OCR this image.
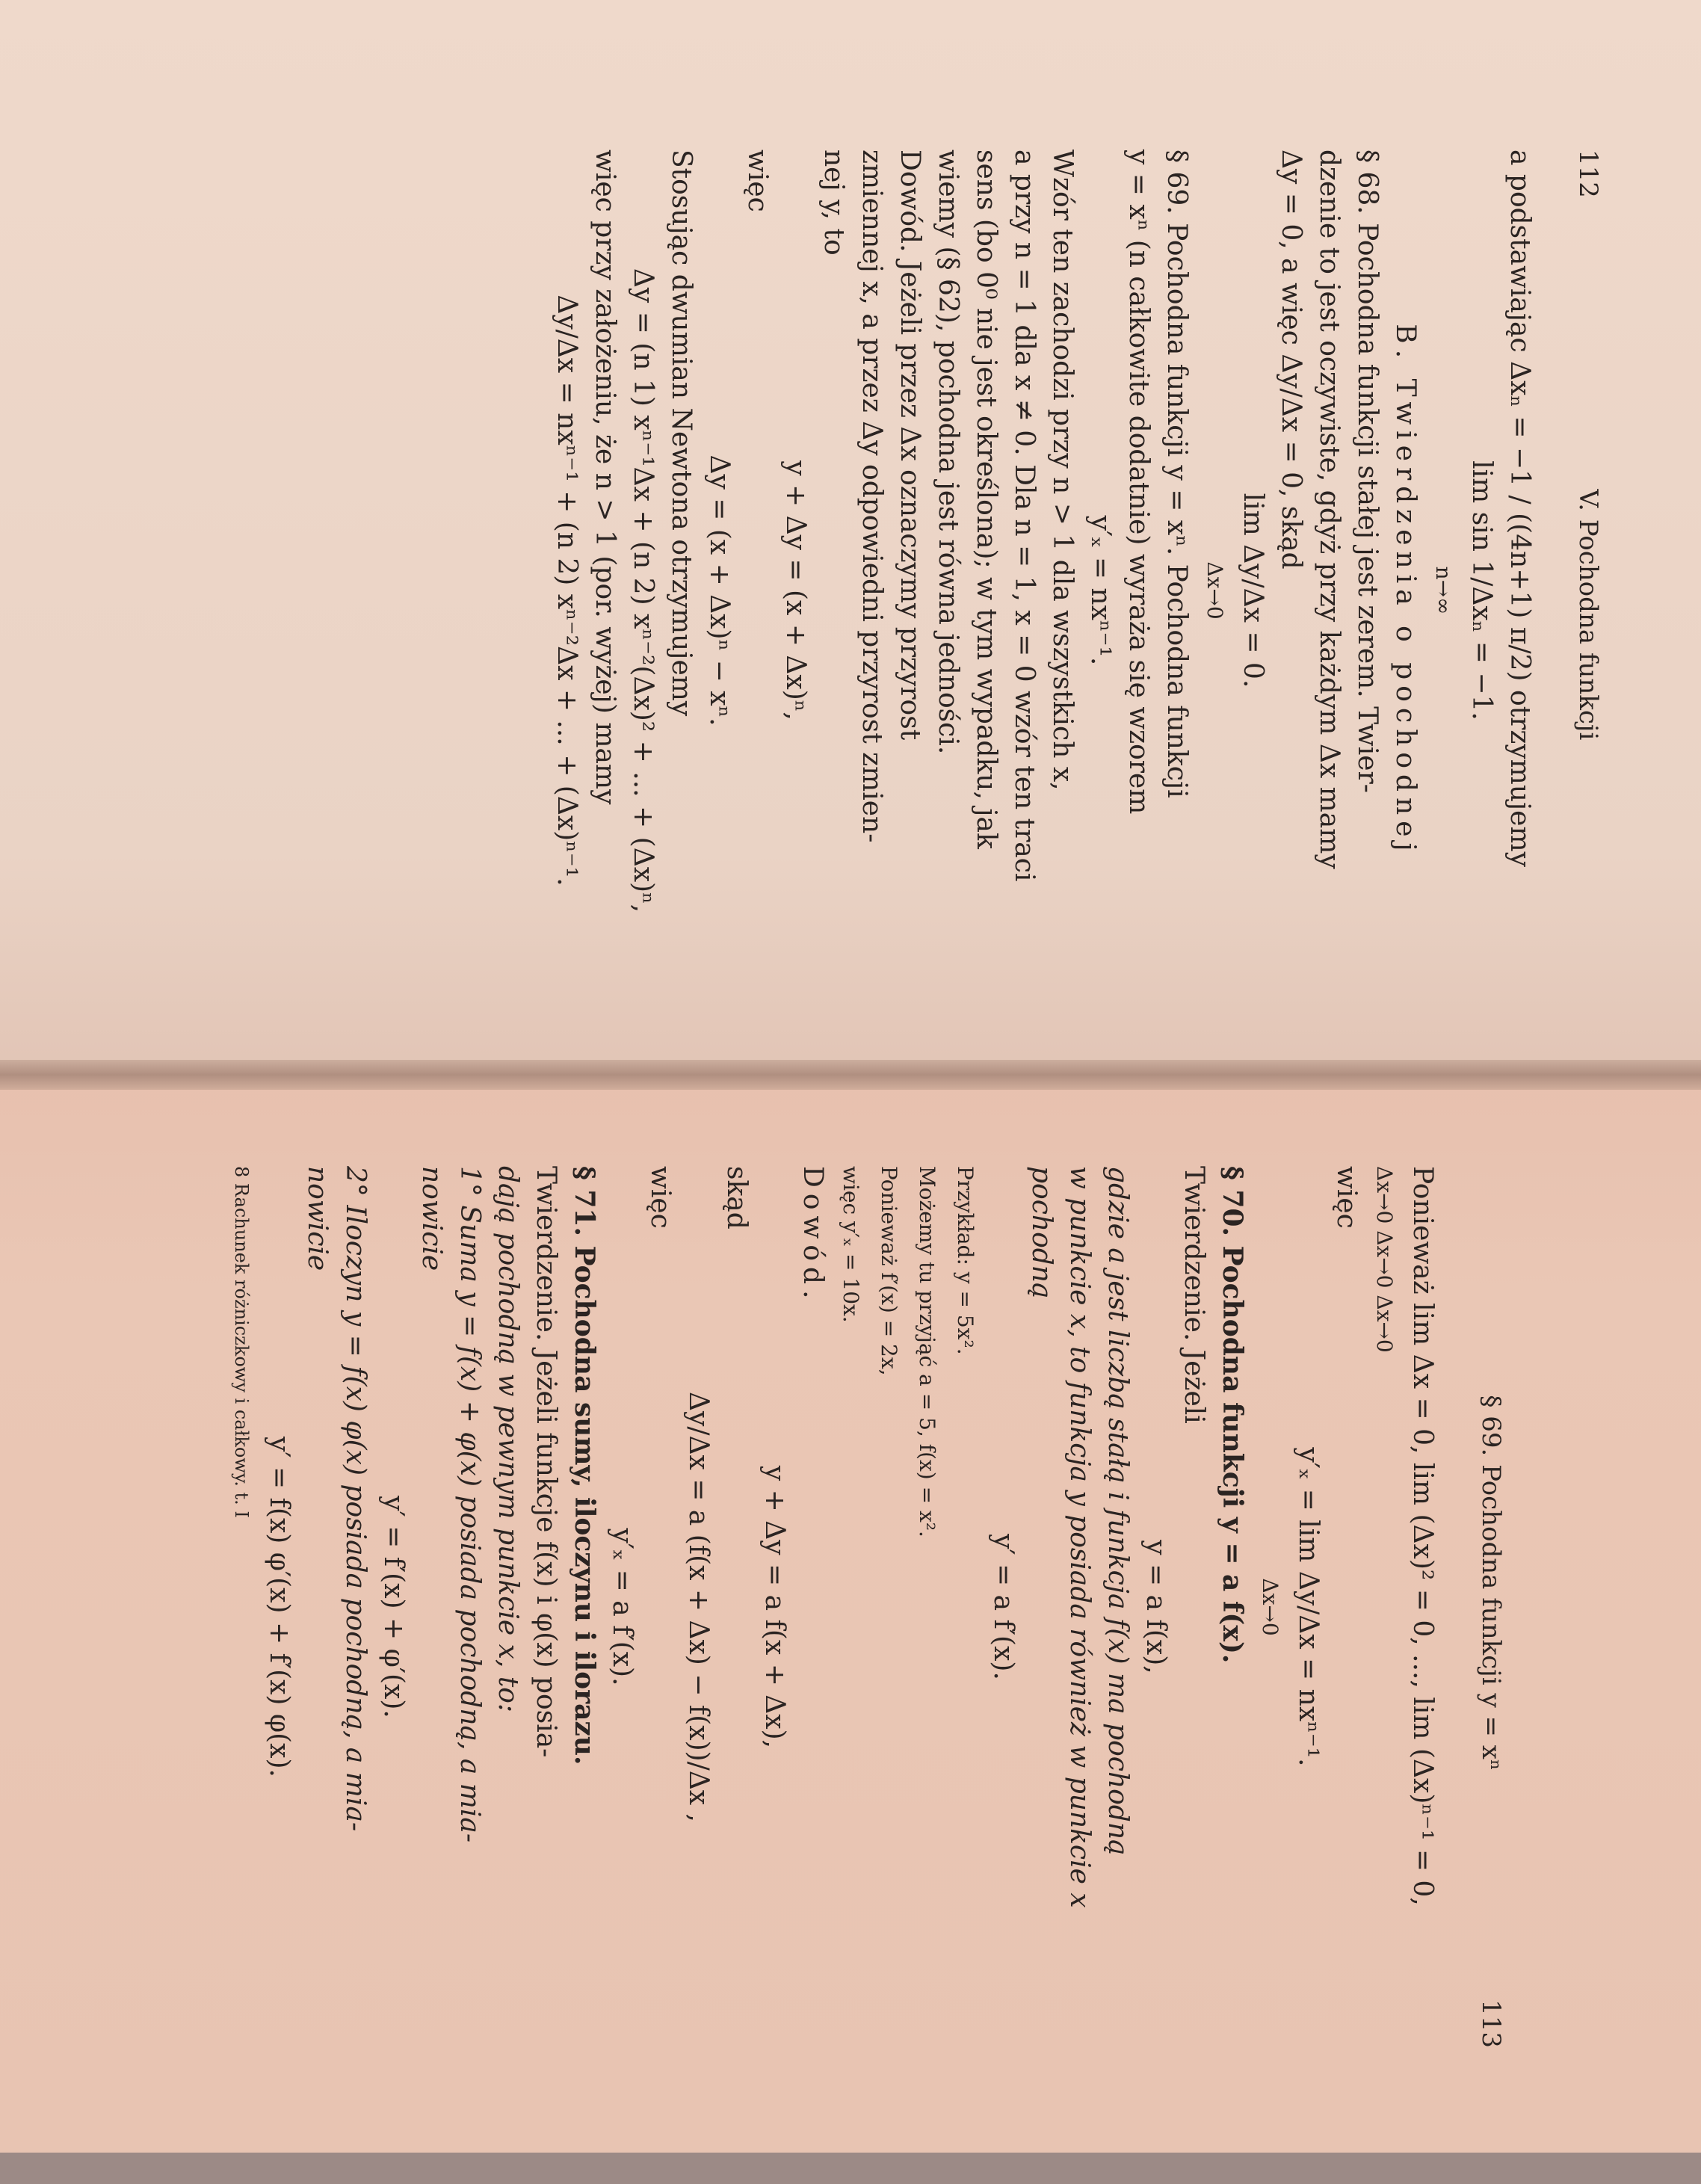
112
V. Pochodna funkcji

a podstawiając Δxₙ = −1 / ((4n+1) π/2) otrzymujemy

lim sin 1/Δxₙ = −1.

n→∞

B. Twierdzenia o pochodnej

§ 68. Pochodna funkcji stałej jest zerem. Twier-

dzenie to jest oczywiste, gdyż przy każdym Δx mamy

Δy = 0, a więc Δy/Δx = 0, skąd

lim Δy/Δx = 0.

Δx→0

§ 69. Pochodna funkcji y = xⁿ. Pochodna funkcji

y = xⁿ (n całkowite dodatnie) wyraża się wzorem

y′ₓ = nxⁿ⁻¹.

Wzór ten zachodzi przy n > 1 dla wszystkich x,

a przy n = 1 dla x ≠ 0. Dla n = 1, x = 0 wzór ten traci

sens (bo 0⁰ nie jest określona); w tym wypadku, jak

wiemy (§ 62), pochodna jest równa jedności.

Dowód. Jeżeli przez Δx oznaczymy przyrost

zmiennej x, a przez Δy odpowiedni przyrost zmien-

nej y, to

y + Δy = (x + Δx)ⁿ,

więc

Δy = (x + Δx)ⁿ − xⁿ.

Stosując dwumian Newtona otrzymujemy

Δy = (n 1) xⁿ⁻¹Δx + (n 2) xⁿ⁻²(Δx)² + ... + (Δx)ⁿ,

więc przy założeniu, że n > 1 (por. wyżej) mamy

Δy/Δx = nxⁿ⁻¹ + (n 2) xⁿ⁻²Δx + ... + (Δx)ⁿ⁻¹.

§ 69. Pochodna funkcji y = xⁿ
113

Ponieważ lim Δx = 0, lim (Δx)² = 0, ..., lim (Δx)ⁿ⁻¹ = 0,

Δx→0 Δx→0 Δx→0

więc

y′ₓ = lim Δy/Δx = nxⁿ⁻¹.

Δx→0

§ 70. Pochodna funkcji y = a f(x).

Twierdzenie. Jeżeli

y = a f(x),

gdzie a jest liczbą stałą i funkcja f(x) ma pochodną

w punkcie x, to funkcja y posiada również w punkcie x

pochodną

y′ = a f′(x).

Przykład: y = 5x².

Możemy tu przyjąć a = 5, f(x) = x².

Ponieważ f′(x) = 2x,

więc y′ₓ = 10x.

Dowód.

y + Δy = a f(x + Δx),

skąd

Δy/Δx = a (f(x + Δx) − f(x))/Δx ,

więc

y′ₓ = a f′(x).

§ 71. Pochodna sumy, iloczynu i ilorazu.

Twierdzenie. Jeżeli funkcje f(x) i φ(x) posia-

dają pochodną w pewnym punkcie x, to:

1° Suma y = f(x) + φ(x) posiada pochodną, a mia-

nowicie

y′ = f′(x) + φ′(x).

2° Iloczyn y = f(x) φ(x) posiada pochodną, a mia-

nowicie

y′ = f(x) φ′(x) + f′(x) φ(x).

8 Rachunek różniczkowy i całkowy. t. I
